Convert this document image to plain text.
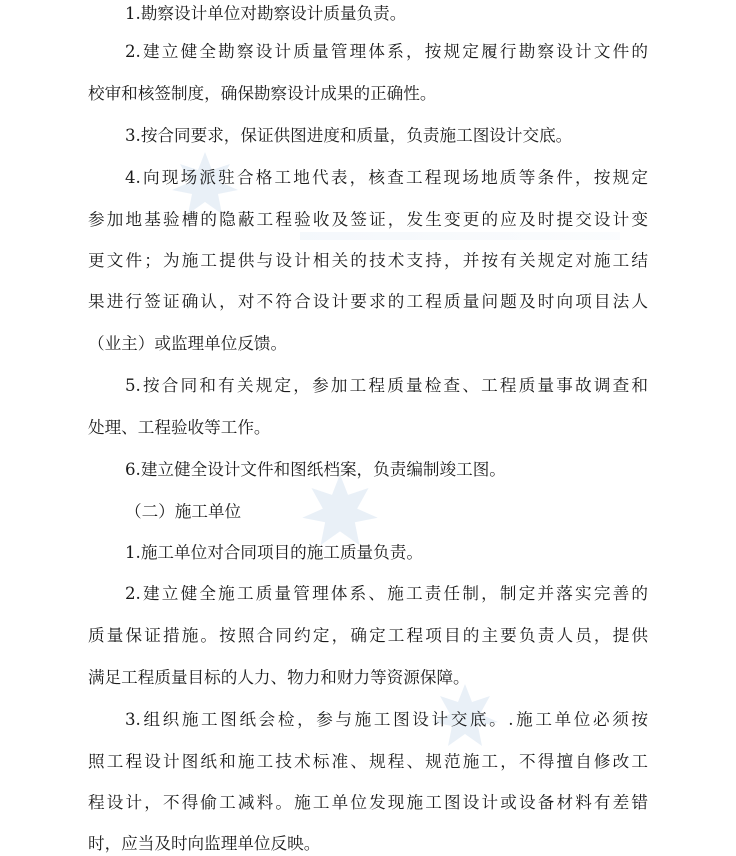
1.勘察设计单位对勘察设计质量负责。
2.建立健全勘察设计质量管理体系，按规定履行勘察设计文件的
校审和核签制度，确保勘察设计成果的正确性。
3.按合同要求，保证供图进度和质量，负责施工图设计交底。
4.向现场派驻合格工地代表，核查工程现场地质等条件，按规定
参加地基验槽的隐蔽工程验收及签证，发生变更的应及时提交设计变
更文件；为施工提供与设计相关的技术支持，并按有关规定对施工结
果进行签证确认，对不符合设计要求的工程质量问题及时向项目法人
（业主）或监理单位反馈。
5.按合同和有关规定，参加工程质量检查、工程质量事故调查和
处理、工程验收等工作。
6.建立健全设计文件和图纸档案，负责编制竣工图。
（二）施工单位
1.施工单位对合同项目的施工质量负责。
2.建立健全施工质量管理体系、施工责任制，制定并落实完善的
质量保证措施。按照合同约定，确定工程项目的主要负责人员，提供
满足工程质量目标的人力、物力和财力等资源保障。
3.组织施工图纸会检，参与施工图设计交底。.施工单位必须按
照工程设计图纸和施工技术标准、规程、规范施工，不得擅自修改工
程设计，不得偷工减料。施工单位发现施工图设计或设备材料有差错
时，应当及时向监理单位反映。
